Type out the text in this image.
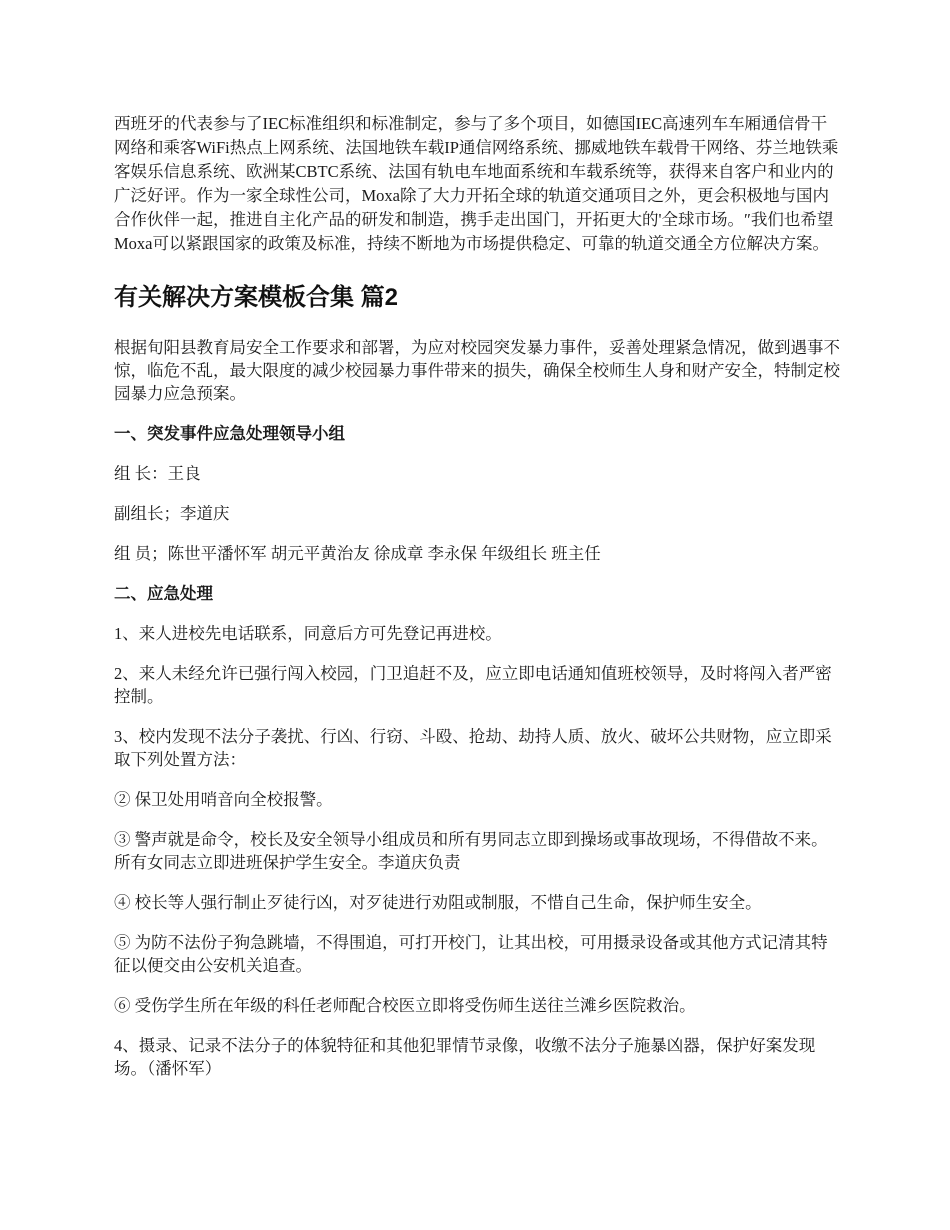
西班牙的代表参与了IEC标准组织和标准制定，参与了多个项目，如德国IEC高速列车车厢通信骨干网络和乘客WiFi热点上网系统、法国地铁车载IP通信网络系统、挪威地铁车载骨干网络、芬兰地铁乘客娱乐信息系统、欧洲某CBTC系统、法国有轨电车地面系统和车载系统等，获得来自客户和业内的广泛好评。作为一家全球性公司，Moxa除了大力开拓全球的轨道交通项目之外，更会积极地与国内合作伙伴一起，推进自主化产品的研发和制造，携手走出国门，开拓更大的'全球市场。″我们也希望Moxa可以紧跟国家的政策及标准，持续不断地为市场提供稳定、可靠的轨道交通全方位解决方案。

有关解决方案模板合集 篇2

根据旬阳县教育局安全工作要求和部署，为应对校园突发暴力事件，妥善处理紧急情况，做到遇事不惊，临危不乱，最大限度的减少校园暴力事件带来的损失，确保全校师生人身和财产安全，特制定校园暴力应急预案。

一、突发事件应急处理领导小组

组 长：王良

副组长；李道庆

组 员；陈世平潘怀军 胡元平黄治友 徐成章 李永保 年级组长 班主任

二、应急处理

1、来人进校先电话联系，同意后方可先登记再进校。

2、来人未经允许已强行闯入校园，门卫追赶不及，应立即电话通知值班校领导，及时将闯入者严密控制。

3、校内发现不法分子袭扰、行凶、行窃、斗殴、抢劫、劫持人质、放火、破坏公共财物，应立即采取下列处置方法：

② 保卫处用哨音向全校报警。

③ 警声就是命令，校长及安全领导小组成员和所有男同志立即到操场或事故现场，不得借故不来。所有女同志立即进班保护学生安全。李道庆负责

④ 校长等人强行制止歹徒行凶，对歹徒进行劝阻或制服，不惜自己生命，保护师生安全。

⑤ 为防不法份子狗急跳墙，不得围追，可打开校门，让其出校，可用摄录设备或其他方式记清其特征以便交由公安机关追查。

⑥ 受伤学生所在年级的科任老师配合校医立即将受伤师生送往兰滩乡医院救治。

4、摄录、记录不法分子的体貌特征和其他犯罪情节录像，收缴不法分子施暴凶器，保护好案发现场。（潘怀军）
